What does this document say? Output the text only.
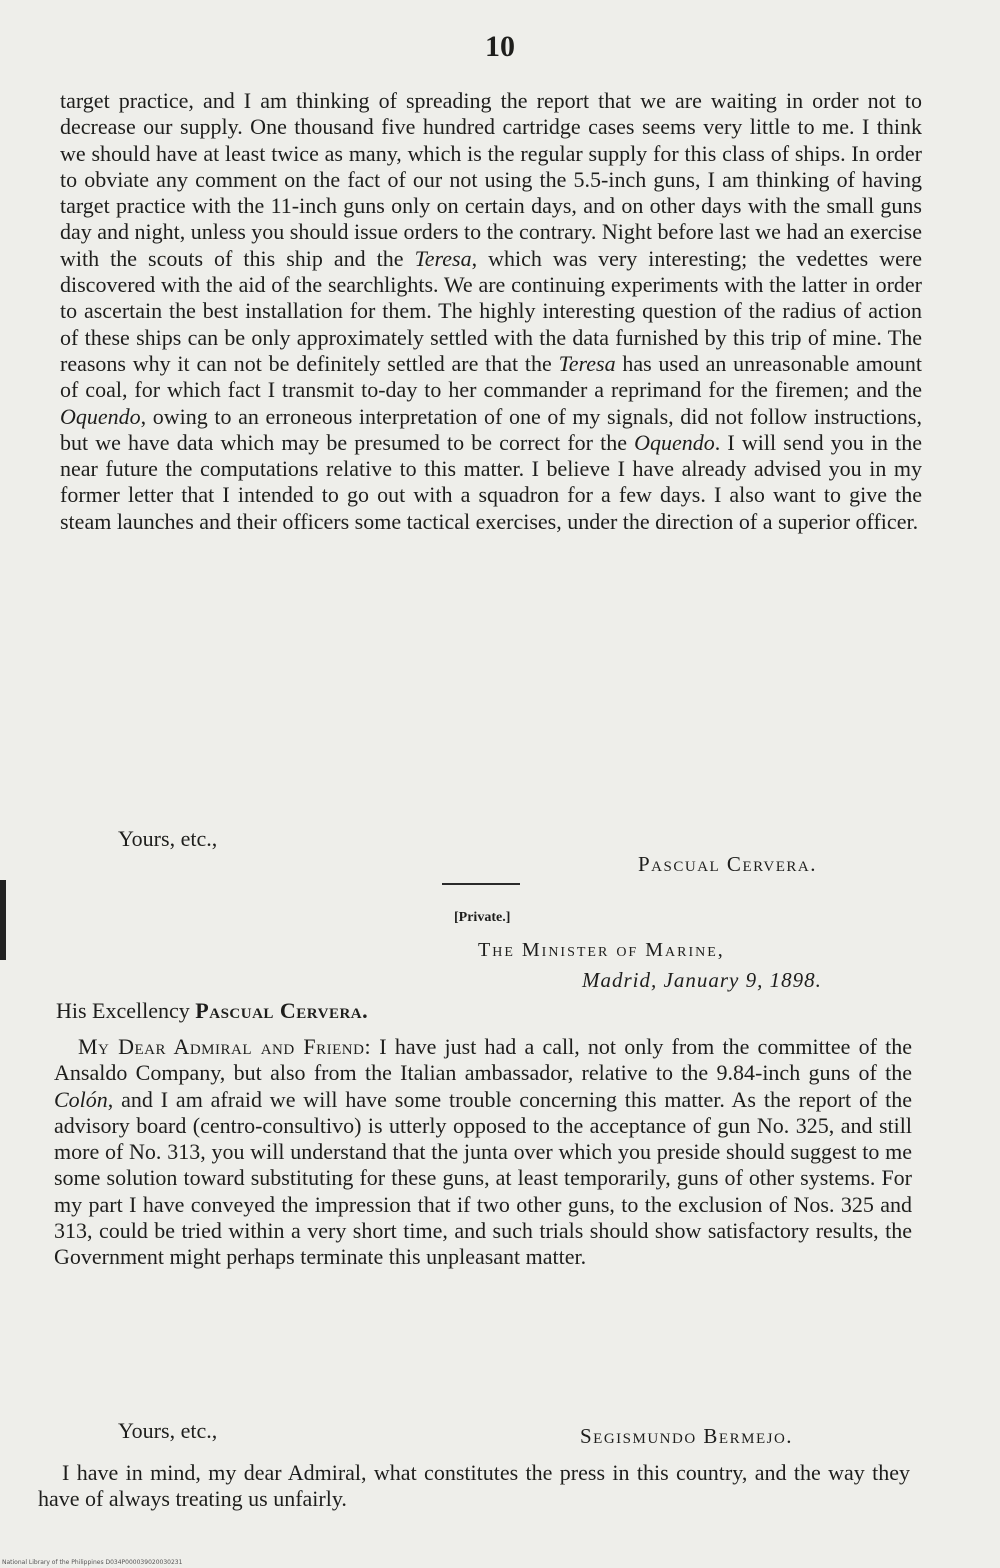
10
target practice, and I am thinking of spreading the report that we are waiting in order not to decrease our supply. One thousand five hundred cartridge cases seems very little to me. I think we should have at least twice as many, which is the regular supply for this class of ships. In order to obviate any comment on the fact of our not using the 5.5-inch guns, I am thinking of having target practice with the 11-inch guns only on certain days, and on other days with the small guns day and night, unless you should issue orders to the contrary. Night before last we had an exercise with the scouts of this ship and the Teresa, which was very interesting; the vedettes were discovered with the aid of the searchlights. We are continuing experiments with the latter in order to ascertain the best installation for them. The highly interesting question of the radius of action of these ships can be only approximately settled with the data furnished by this trip of mine. The reasons why it can not be definitely settled are that the Teresa has used an unreasonable amount of coal, for which fact I transmit to-day to her commander a reprimand for the firemen; and the Oquendo, owing to an erroneous interpretation of one of my signals, did not follow instructions, but we have data which may be presumed to be correct for the Oquendo. I will send you in the near future the computations relative to this matter. I believe I have already advised you in my former letter that I intended to go out with a squadron for a few days. I also want to give the steam launches and their officers some tactical exercises, under the direction of a superior officer.
Yours, etc.,
Pascual Cervera.
[Private.]
The Minister of Marine,
Madrid, January 9, 1898.
His Excellency Pascual Cervera.
My Dear Admiral and Friend: I have just had a call, not only from the committee of the Ansaldo Company, but also from the Italian ambassador, relative to the 9.84-inch guns of the Colón, and I am afraid we will have some trouble concerning this matter. As the report of the advisory board (centro-consultivo) is utterly opposed to the acceptance of gun No. 325, and still more of No. 313, you will understand that the junta over which you preside should suggest to me some solution toward substituting for these guns, at least temporarily, guns of other systems. For my part I have conveyed the impression that if two other guns, to the exclusion of Nos. 325 and 313, could be tried within a very short time, and such trials should show satisfactory results, the Government might perhaps terminate this unpleasant matter.
Yours, etc.,	Segismundo Bermejo.
I have in mind, my dear Admiral, what constitutes the press in this country, and the way they have of always treating us unfairly.
National Library of the Philippines D034P000039020030231
